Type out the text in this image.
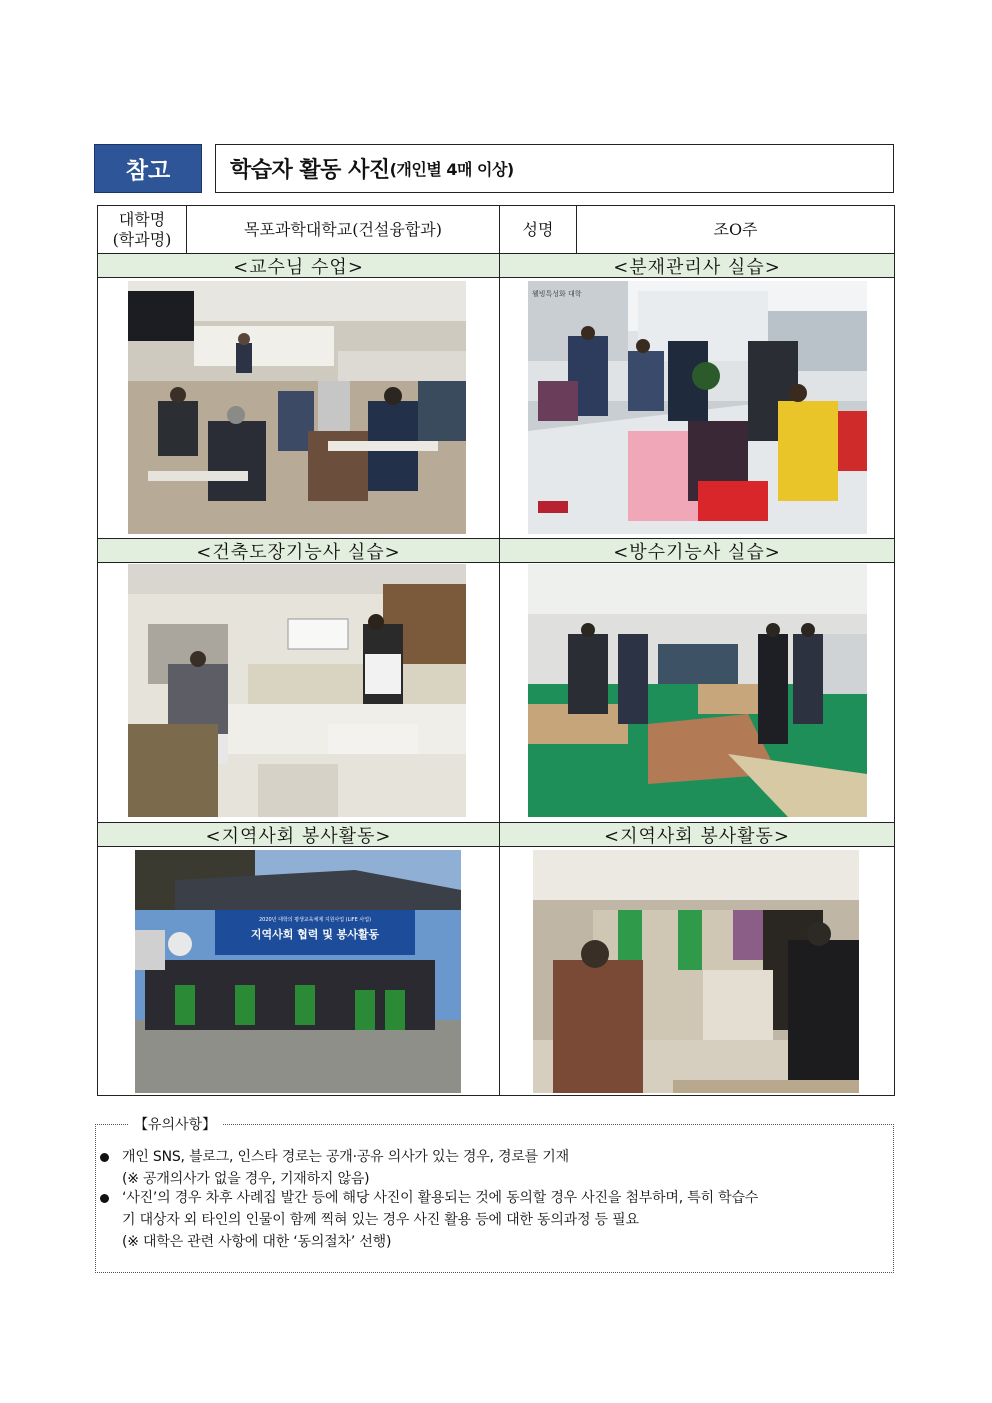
참고	학습자 활동 사진 (개인별 4매 이상)
대학명
(학과명)
목포과학대학교(건설융합과)	성명	조O주
<교수님 수업>	<분재관리사 실습>
<건축도장기능사 실습>	<방수기능사 실습>
<지역사회 봉사활동>	<지역사회 봉사활동>
웰빙특성화 대학
2020년 대학의 평생교육체제 지원사업 (LiFE 사업)
지역사회 협력 및 봉사활동
개인 SNS, 블로그, 인스타 경로는 공개·공유 의사가 있는 경우, 경로를 기재
(※ 공개의사가 없을 경우, 기재하지 않음)
‘사진’의 경우 차후 사례집 발간 등에 해당 사진이 활용되는 것에 동의할 경우 사진을 첨부하며, 특히 학습수
기 대상자 외 타인의 인물이 함께 찍혀 있는 경우 사진 활용 등에 대한 동의과정 등 필요
(※ 대학은 관련 사항에 대한 ‘동의절차’ 선행)
【유의사항】
